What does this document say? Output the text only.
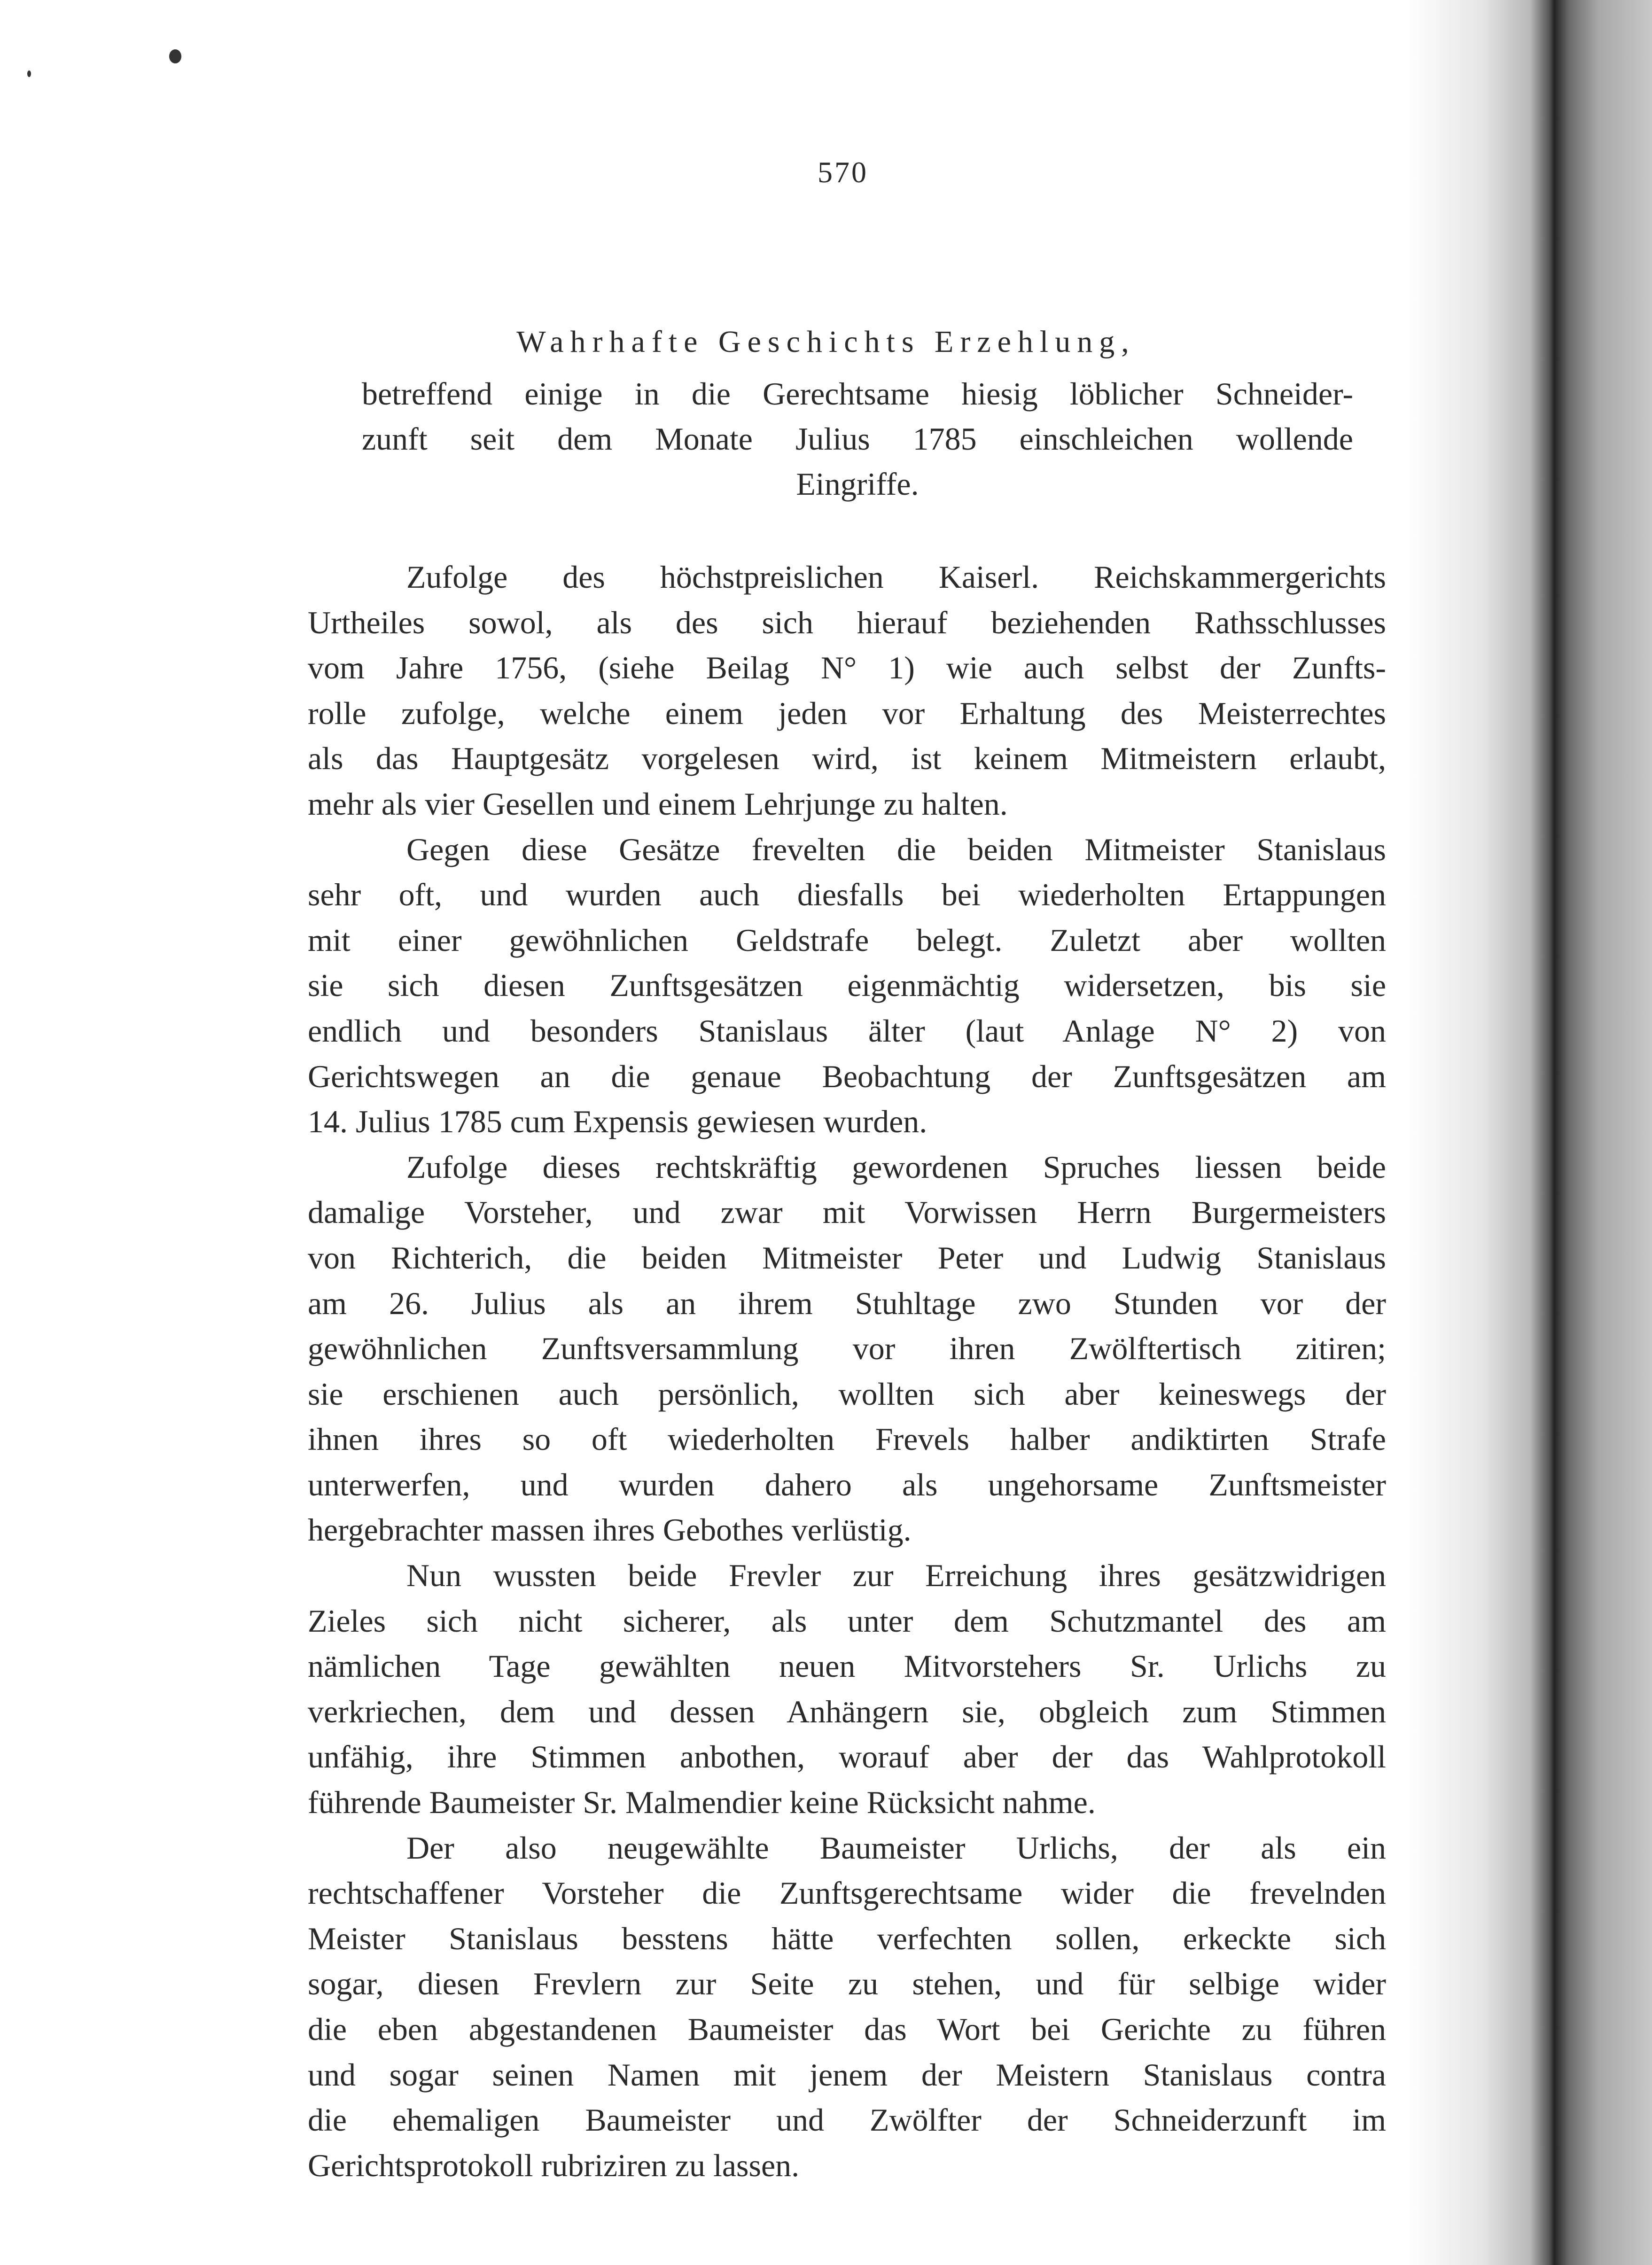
570
Wahrhafte Geschichts Erzehlung,
betreffend einige in die Gerechtsame hiesig löblicher Schneider-
zunft seit dem Monate Julius 1785 einschleichen wollende
Eingriffe.
Zufolge des höchstpreislichen Kaiserl. Reichskammergerichts
Urtheiles sowol, als des sich hierauf beziehenden Rathsschlusses
vom Jahre 1756, (siehe Beilag N° 1) wie auch selbst der Zunfts-
rolle zufolge, welche einem jeden vor Erhaltung des Meisterrechtes
als das Hauptgesätz vorgelesen wird, ist keinem Mitmeistern erlaubt,
mehr als vier Gesellen und einem Lehrjunge zu halten.
Gegen diese Gesätze frevelten die beiden Mitmeister Stanislaus
sehr oft, und wurden auch diesfalls bei wiederholten Ertappungen
mit einer gewöhnlichen Geldstrafe belegt. Zuletzt aber wollten
sie sich diesen Zunftsgesätzen eigenmächtig widersetzen, bis sie
endlich und besonders Stanislaus älter (laut Anlage N° 2) von
Gerichtswegen an die genaue Beobachtung der Zunftsgesätzen am
14. Julius 1785 cum Expensis gewiesen wurden.
Zufolge dieses rechtskräftig gewordenen Spruches liessen beide
damalige Vorsteher, und zwar mit Vorwissen Herrn Burgermeisters
von Richterich, die beiden Mitmeister Peter und Ludwig Stanislaus
am 26. Julius als an ihrem Stuhltage zwo Stunden vor der
gewöhnlichen Zunftsversammlung vor ihren Zwölftertisch zitiren;
sie erschienen auch persönlich, wollten sich aber keineswegs der
ihnen ihres so oft wiederholten Frevels halber andiktirten Strafe
unterwerfen, und wurden dahero als ungehorsame Zunftsmeister
hergebrachter massen ihres Gebothes verlüstig.
Nun wussten beide Frevler zur Erreichung ihres gesätzwidrigen
Zieles sich nicht sicherer, als unter dem Schutzmantel des am
nämlichen Tage gewählten neuen Mitvorstehers Sr. Urlichs zu
verkriechen, dem und dessen Anhängern sie, obgleich zum Stimmen
unfähig, ihre Stimmen anbothen, worauf aber der das Wahlprotokoll
führende Baumeister Sr. Malmendier keine Rücksicht nahme.
Der also neugewählte Baumeister Urlichs, der als ein
rechtschaffener Vorsteher die Zunftsgerechtsame wider die frevelnden
Meister Stanislaus besstens hätte verfechten sollen, erkeckte sich
sogar, diesen Frevlern zur Seite zu stehen, und für selbige wider
die eben abgestandenen Baumeister das Wort bei Gerichte zu führen
und sogar seinen Namen mit jenem der Meistern Stanislaus contra
die ehemaligen Baumeister und Zwölfter der Schneiderzunft im
Gerichtsprotokoll rubriziren zu lassen.
